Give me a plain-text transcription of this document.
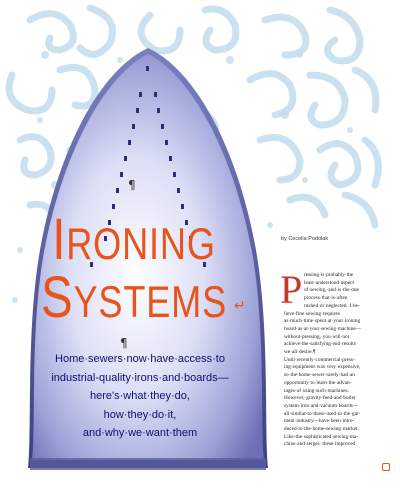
IRONING
SYSTEMS
¶
↵
¶
Home·sewers·now·have·access·to
industrial-quality·irons·and·boards—
here's·what·they·do,
how·they·do·it,
and·why·we·want·them
by Cecelia Podolak
P ressing·is·probably·the
least·understood·aspect
of·sewing,·and·is·the·one
process·that·is·often
rushed·or·neglected.·I·be-
lieve·fine·sewing·requires
as·much·time·spent·at·your·ironing
board·as·at·your·sewing·machine—
without·pressing,·you·will·not
achieve·the·satisfying·end·results
we·all·desire.¶
Until·recently·commercial·press-
ing·equipment·was·very·expensive,
so·the·home·sewer·rarely·had·an
opportunity·to·learn·the·advan-
tages·of·using·such·machines.
However,·gravity-feed·and·boiler
system·iron·and·vacuum·boards—
all·similar·to·those·used·in·the·gar-
ment·industry—have·been·intro-
duced·to·the·home-sewing·market.
Like·the·sophisticated·sewing·ma-
chine·and·serger,·these·improved
